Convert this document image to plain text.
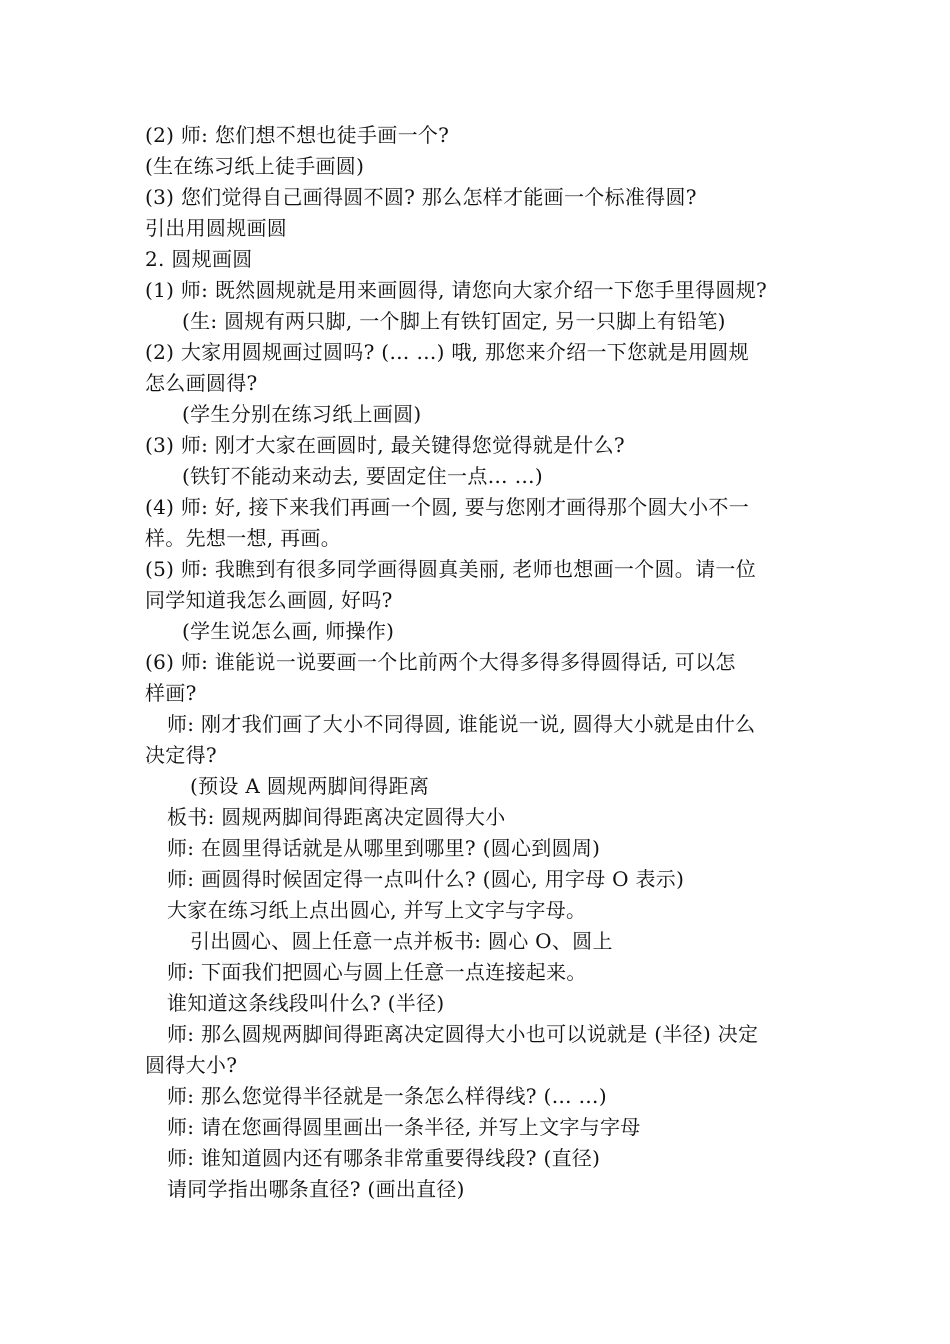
(2) 师: 您们想不想也徒手画一个?
(生在练习纸上徒手画圆)
(3) 您们觉得自己画得圆不圆? 那么怎样才能画一个标准得圆?
引出用圆规画圆
2. 圆规画圆
(1) 师: 既然圆规就是用来画圆得, 请您向大家介绍一下您手里得圆规?
(生: 圆规有两只脚, 一个脚上有铁钉固定, 另一只脚上有铅笔)
(2) 大家用圆规画过圆吗? (… …) 哦, 那您来介绍一下您就是用圆规
怎么画圆得?
(学生分别在练习纸上画圆)
(3) 师: 刚才大家在画圆时, 最关键得您觉得就是什么?
(铁钉不能动来动去, 要固定住一点… …)
(4) 师: 好, 接下来我们再画一个圆, 要与您刚才画得那个圆大小不一
样。先想一想, 再画。
(5) 师: 我瞧到有很多同学画得圆真美丽, 老师也想画一个圆。请一位
同学知道我怎么画圆, 好吗?
(学生说怎么画, 师操作)
(6) 师: 谁能说一说要画一个比前两个大得多得多得圆得话, 可以怎
样画?
师: 刚才我们画了大小不同得圆, 谁能说一说, 圆得大小就是由什么
决定得?
(预设 A 圆规两脚间得距离
板书: 圆规两脚间得距离决定圆得大小
师: 在圆里得话就是从哪里到哪里? (圆心到圆周)
师: 画圆得时候固定得一点叫什么? (圆心, 用字母 O 表示)
大家在练习纸上点出圆心, 并写上文字与字母。
引出圆心、圆上任意一点并板书: 圆心 O、圆上
师: 下面我们把圆心与圆上任意一点连接起来。
谁知道这条线段叫什么? (半径)
师: 那么圆规两脚间得距离决定圆得大小也可以说就是 (半径) 决定
圆得大小?
师: 那么您觉得半径就是一条怎么样得线? (… …)
师: 请在您画得圆里画出一条半径, 并写上文字与字母
师: 谁知道圆内还有哪条非常重要得线段? (直径)
请同学指出哪条直径? (画出直径)
